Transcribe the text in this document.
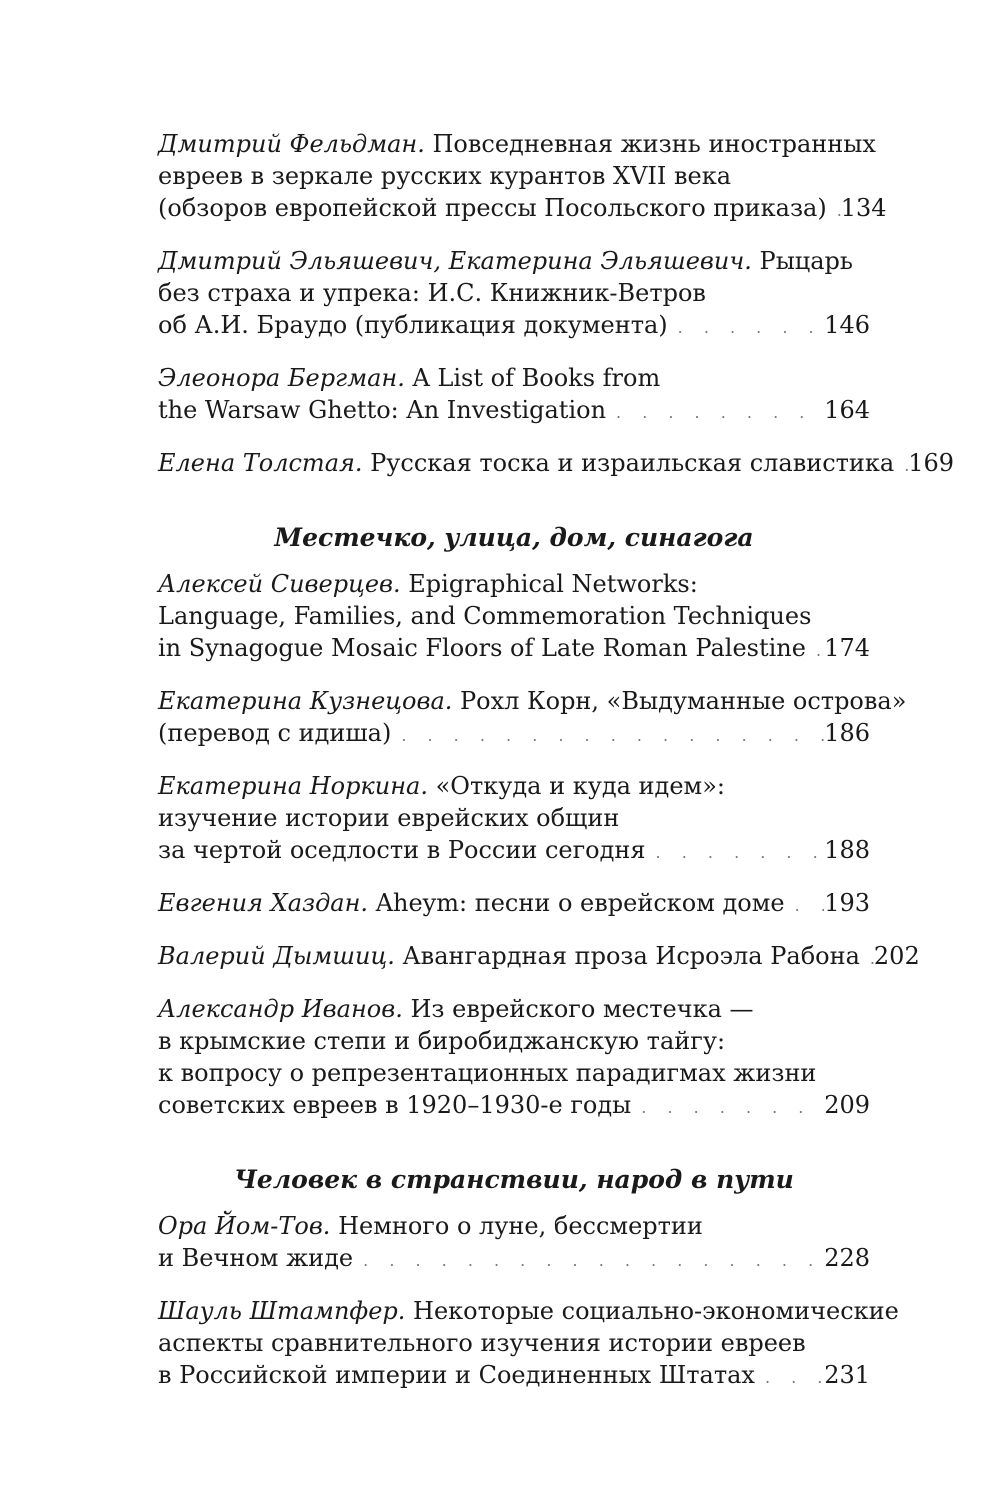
Дмитрий Фельдман. Повседневная жизнь иностранных
евреев в зеркале русских курантов XVII века
(обзоров европейской прессы Посольского приказа) . . . 134
Дмитрий Эльяшевич, Екатерина Эльяшевич. Рыцарь
без страха и упрека: И.С. Книжник-Ветров
об А.И. Браудо (публикация документа) . . .	146
Элеонора Бергман. A List of Books from
the Warsaw Ghetto: An Investigation . . .	164
Елена Толстая. Русская тоска и израильская славистика . . . 169
Местечко, улица, дом, синагога
Алексей Сиверцев. Epigraphical Networks:
Language, Families, and Commemoration Techniques
in Synagogue Mosaic Floors of Late Roman Palestine . . . 174
Екатерина Кузнецова. Рохл Корн, «Выдуманные острова»
(перевод с идиша) . . .	186
Екатерина Норкина. «Откуда и куда идем»:
изучение истории еврейских общин
за чертой оседлости в России сегодня . . .	188
Евгения Хаздан. Aheym: песни о еврейском доме . . . 193
Валерий Дымшиц. Авангардная проза Исроэла Рабона . . . 202
Александр Иванов. Из еврейского местечка —
в крымские степи и биробиджанскую тайгу:
к вопросу о репрезентационных парадигмах жизни
советских евреев в 1920–1930-е годы . . .	209
Человек в странствии, народ в пути
Ора Йом-Тов. Немного о луне, бессмертии
и Вечном жиде . . .	228
Шауль Штампфер. Некоторые социально-экономические
аспекты сравнительного изучения истории евреев
в Российской империи и Соединенных Штатах . . .	231
